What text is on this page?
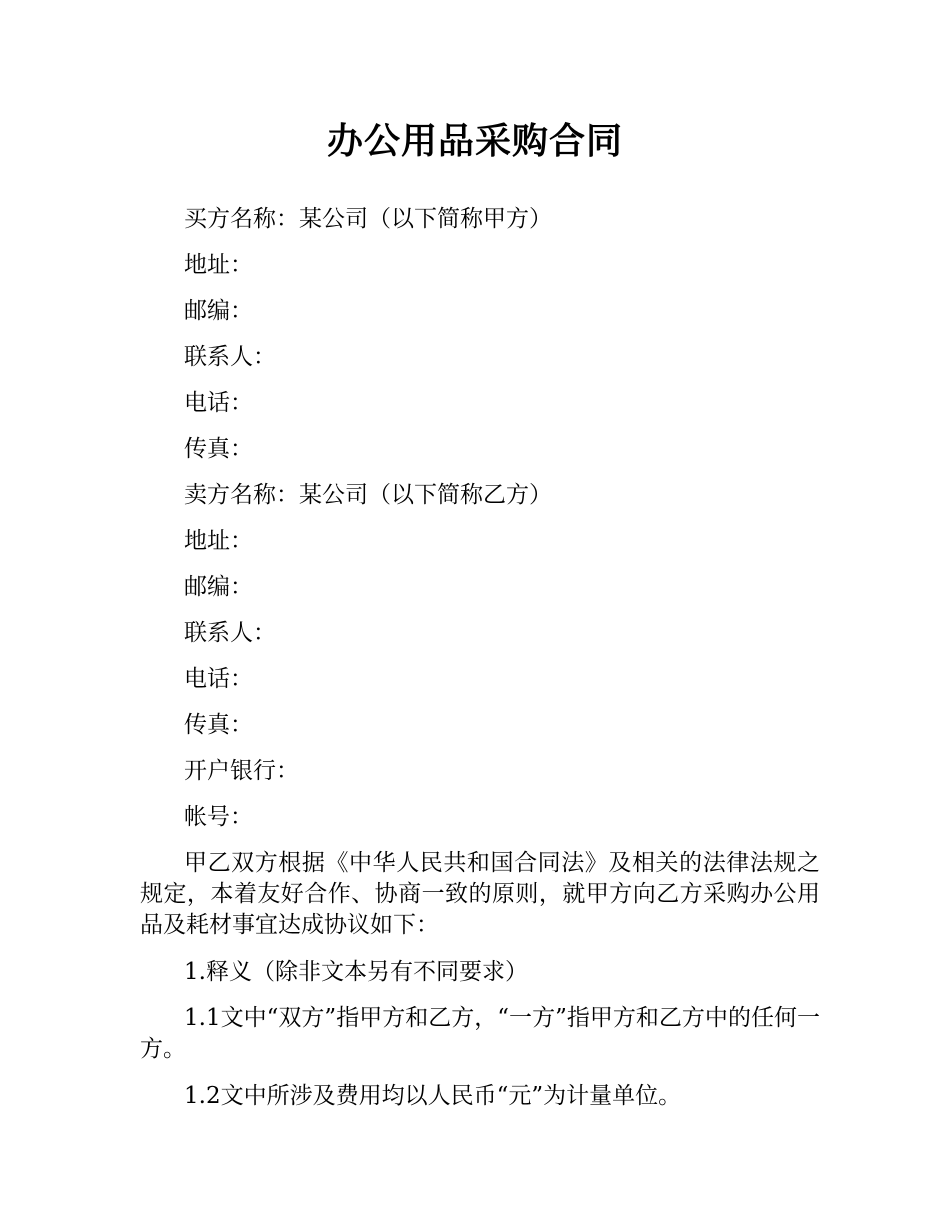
办公用品采购合同
买方名称：某公司（以下简称甲方）
地址：
邮编：
联系人：
电话：
传真：
卖方名称：某公司（以下简称乙方）
地址：
邮编：
联系人：
电话：
传真：
开户银行：
帐号：
甲乙双方根据《中华人民共和国合同法》及相关的法律法规之规定，本着友好合作、协商一致的原则，就甲方向乙方采购办公用品及耗材事宜达成协议如下：
1.释义（除非文本另有不同要求）
1.1文中“双方”指甲方和乙方，“一方”指甲方和乙方中的任何一方。
1.2文中所涉及费用均以人民币“元”为计量单位。
